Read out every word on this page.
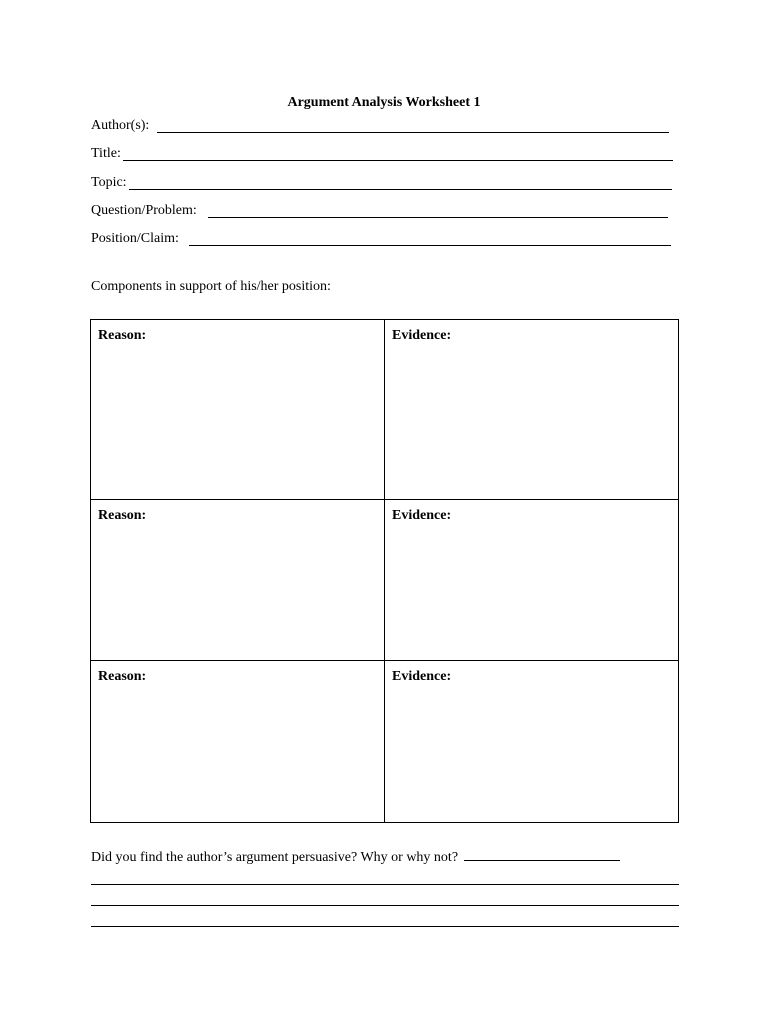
Argument Analysis Worksheet 1
Author(s):
Title:
Topic:
Question/Problem:
Position/Claim:
Components in support of his/her position:
Reason:	Evidence:
Reason:	Evidence:
Reason:	Evidence:
Did you find the author’s argument persuasive? Why or why not?
